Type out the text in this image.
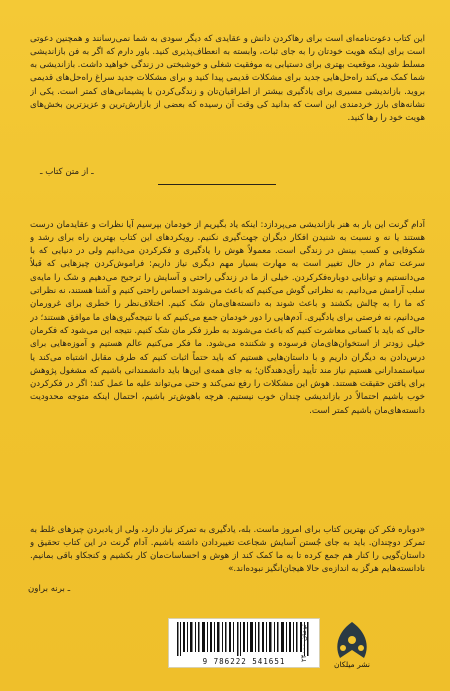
این کتاب دعوت‌نامه‌ای است برای رهاکردن دانش و عقایدی که دیگر سودی به شما نمی‌رسانند و همچنین دعوتی است برای اینکه هویت خودتان را به جای ثبات، وابسته به انعطاف‌پذیری کنید. باور دارم که اگر به فن بازاندیشی مسلط شوید، موقعیت بهتری برای دستیابی به موفقیت شغلی و خوشبختی در زندگی خواهید داشت. بازاندیشی به شما کمک می‌کند راه‌حل‌هایی جدید برای مشکلات قدیمی پیدا کنید و برای مشکلات جدید سراغ راه‌حل‌های قدیمی بروید. بازاندیشی مسیری برای یادگیری بیشتر از اطرافیان‌تان و زندگی‌کردن با پشیمانی‌های کمتر است. یکی از نشانه‌های بارز خردمندی این است که بدانید کی وقت آن رسیده که بعضی از بازارش‌ترین و عزیزترین بخش‌های هویت خود را رها کنید.

ـ از متن کتاب ـ

آدام گرنت این بار به هنر بازاندیشی می‌پردازد: اینکه یاد بگیریم از خودمان بپرسیم آیا نظرات و عقایدمان درست هستند یا نه و نسبت به شنیدن افکار دیگران جهت‌گیری نکنیم. رویکردهای این کتاب بهترین راه برای رشد و شکوفایی و کسب بینش در زندگی است. معمولاً هوش را یادگیری و فکرکردن می‌دانیم ولی در دنیایی که با سرعت تمام در حال تغییر است به مهارت بسیار مهم دیگری نیاز داریم: فراموش‌کردن چیزهایی که قبلاً می‌دانستیم و توانایی دوباره‌فکرکردن. خیلی از ما در زندگی راحتی و آسایش را ترجیح می‌دهیم و شک را مایه‌ی سلب آرامش می‌دانیم. به نظراتی گوش می‌کنیم که باعث می‌شوند احساس راحتی کنیم و آشنا هستند، نه نظراتی که ما را به چالش بکشند و باعث شوند به دانسته‌های‌مان شک کنیم. اختلاف‌نظر را خطری برای غرورمان می‌دانیم، نه فرصتی برای یادگیری. آدم‌هایی را دور خودمان جمع می‌کنیم که با نتیجه‌گیری‌های ما موافق هستند؛ در حالی که باید با کسانی معاشرت کنیم که باعث می‌شوند به طرز فکر مان شک کنیم. نتیجه این می‌شود که فکرمان خیلی زودتر از استخوان‌های‌مان فرسوده و شکننده می‌شود. ما فکر می‌کنیم عالم هستیم و آموزه‌هایی برای درس‌دادن به دیگران داریم و با داستان‌هایی هستیم که باید حتماً اثبات کنیم که طرف مقابل اشتباه می‌کند یا سیاستمدارانی هستیم نیاز مند تأیید رأی‌دهندگان؛ به جای همه‌ی این‌ها باید دانشمندانی باشیم که مشغول پژوهش برای یافتن حقیقت هستند. هوش این مشکلات را رفع نمی‌کند و حتی می‌تواند علیه ما عمل کند: اگر در فکرکردن خوب باشیم احتمالاً در بازاندیشی چندان خوب نیستیم. هرچه باهوش‌تر باشیم، احتمال اینکه متوجه محدودیت دانسته‌های‌مان باشیم کمتر است.

«دوباره فکر کن بهترین کتاب برای امروز ماست. بله، یادگیری به تمرکز نیاز دارد، ولی از یادبردن چیزهای غلط به تمرکز دوچندان. باید به جای جُستن آسایش شجاعت تغییردادن داشته باشیم. آدام گرنت در این کتاب تحقیق و داستان‌گویی را کنار هم جمع کرده تا به ما کمک کند از هوش و احساسات‌مان کار بکشیم و کنجکاو باقی بمانیم. نادانسته‌هایم هرگز به اندازه‌ی حالا هیجان‌انگیز نبوده‌اند.»

ـ برنه براون
9 786222 541651	۲۴۰۰۰ تومان
نشر میلکان
